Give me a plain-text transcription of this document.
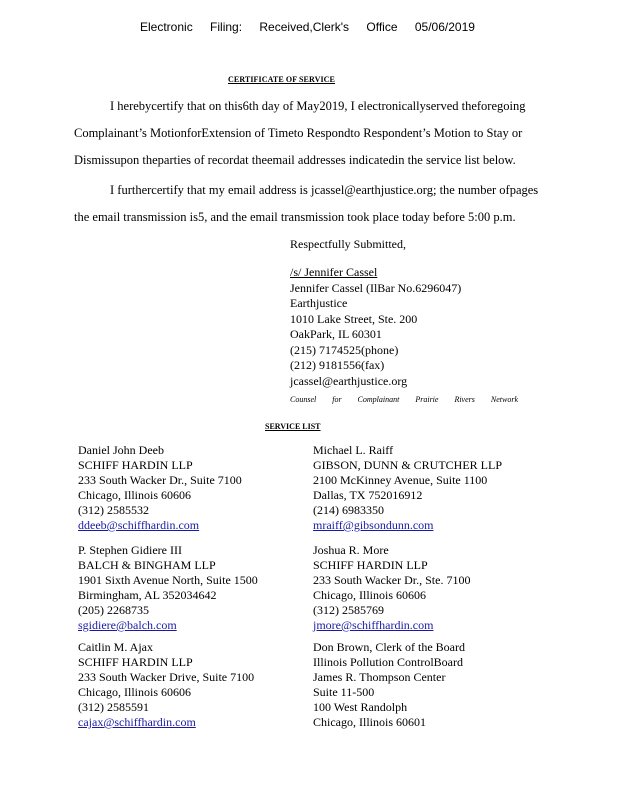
Electronic Filing: Received,Clerk's Office 05/06/2019
CERTIFICATE OF SERVICE
I herebycertify that on this6th day of May2019, I electronicallyserved theforegoing
Complainant’s MotionforExtension of Timeto Respondto Respondent’s Motion to Stay or
Dismissupon theparties of recordat theemail addresses indicatedin the service list below.
I furthercertify that my email address is jcassel@earthjustice.org; the number ofpages
the email transmission is5, and the email transmission took place today before 5:00 p.m.
Respectfully Submitted,
/s/ Jennifer Cassel
Jennifer Cassel (IlBar No.6296047)
Earthjustice
1010 Lake Street, Ste. 200
OakPark, IL 60301
(215) 7174525(phone)
(212) 9181556(fax)
jcassel@earthjustice.org
Counsel for Complainant Prairie Rivers Network
SERVICE LIST
Daniel John Deeb
SCHIFF HARDIN LLP
233 South Wacker Dr., Suite 7100
Chicago, Illinois 60606
(312) 2585532
ddeeb@schiffhardin.com
Michael L. Raiff
GIBSON, DUNN & CRUTCHER LLP
2100 McKinney Avenue, Suite 1100
Dallas, TX 752016912
(214) 6983350
mraiff@gibsondunn.com
P. Stephen Gidiere III
BALCH & BINGHAM LLP
1901 Sixth Avenue North, Suite 1500
Birmingham, AL 352034642
(205) 2268735
sgidiere@balch.com
Joshua R. More
SCHIFF HARDIN LLP
233 South Wacker Dr., Ste. 7100
Chicago, Illinois 60606
(312) 2585769
jmore@schiffhardin.com
Caitlin M. Ajax
SCHIFF HARDIN LLP
233 South Wacker Drive, Suite 7100
Chicago, Illinois 60606
(312) 2585591
cajax@schiffhardin.com
Don Brown, Clerk of the Board
Illinois Pollution ControlBoard
James R. Thompson Center
Suite 11-500
100 West Randolph
Chicago, Illinois 60601
